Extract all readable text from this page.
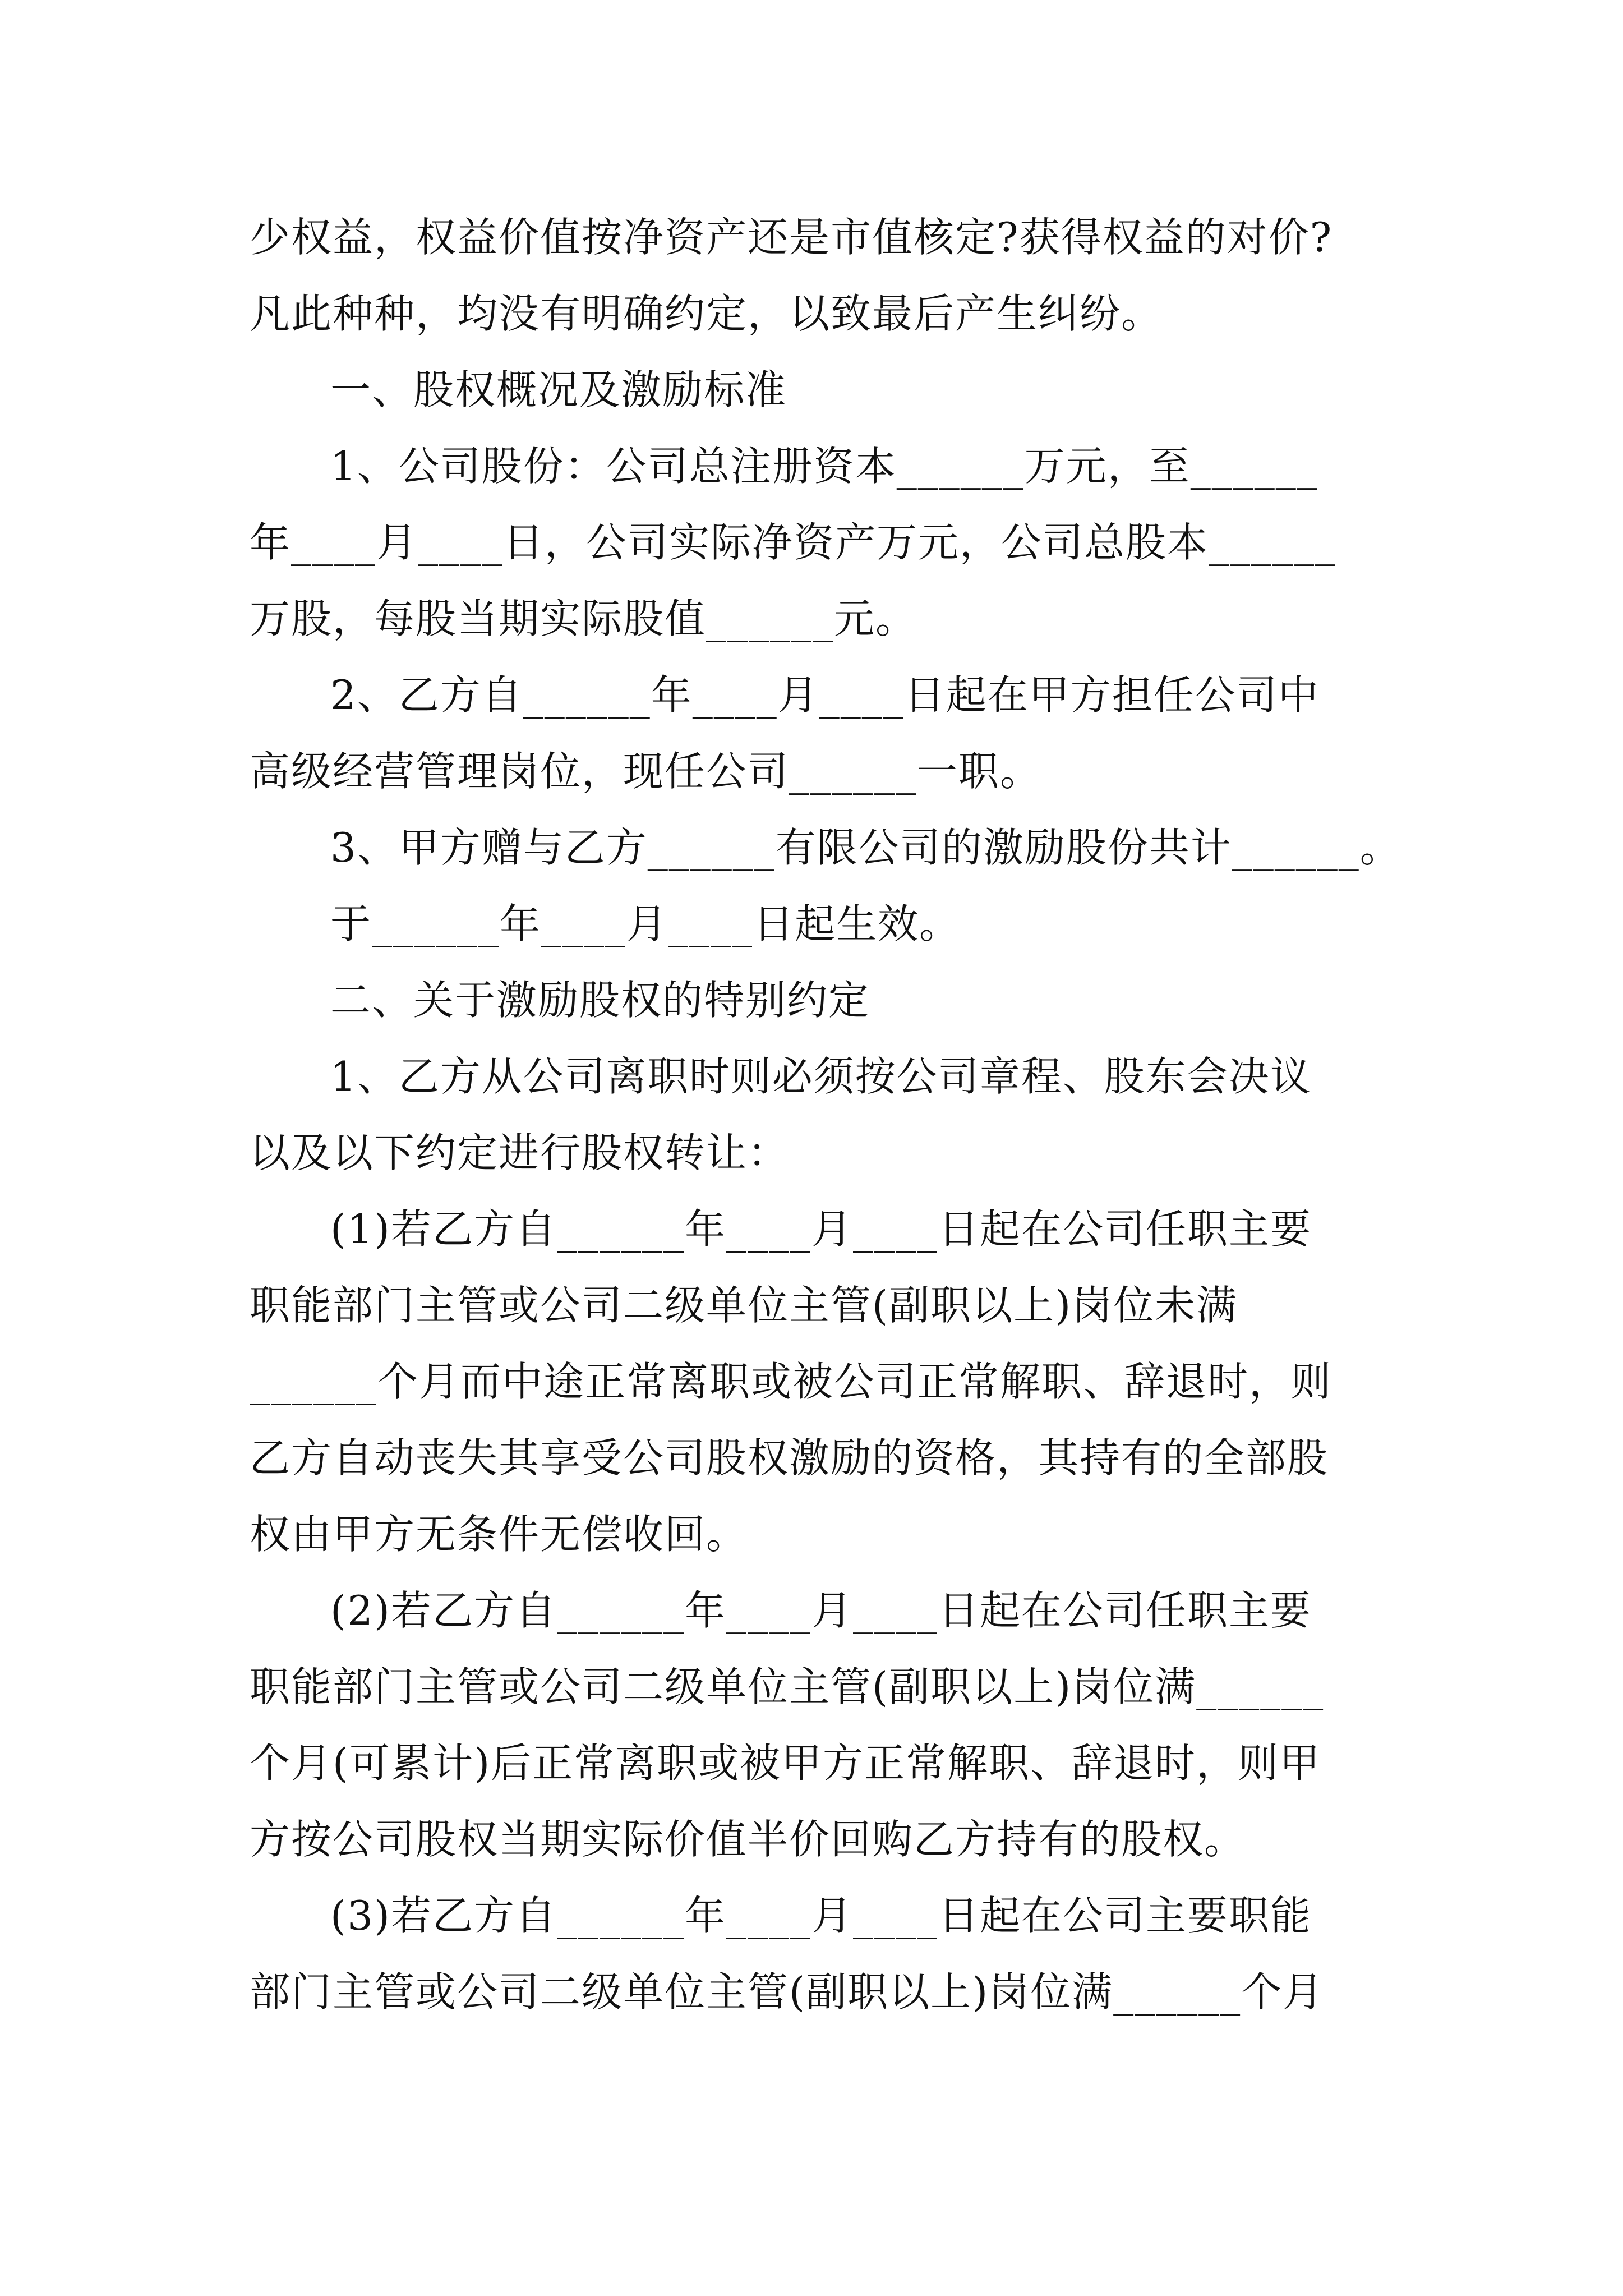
少权益，权益价值按净资产还是市值核定?获得权益的对价?
凡此种种，均没有明确约定，以致最后产生纠纷。
一、股权概况及激励标准
1、公司股份：公司总注册资本______万元，至______
年____月____日，公司实际净资产万元，公司总股本______
万股，每股当期实际股值______元。
2、乙方自______年____月____日起在甲方担任公司中
高级经营管理岗位，现任公司______一职。
3、甲方赠与乙方______有限公司的激励股份共计______。
于______年____月____日起生效。
二、关于激励股权的特别约定
1、乙方从公司离职时则必须按公司章程、股东会决议
以及以下约定进行股权转让：
(1)若乙方自______年____月____日起在公司任职主要
职能部门主管或公司二级单位主管(副职以上)岗位未满
______个月而中途正常离职或被公司正常解职、辞退时，则
乙方自动丧失其享受公司股权激励的资格，其持有的全部股
权由甲方无条件无偿收回。
(2)若乙方自______年____月____日起在公司任职主要
职能部门主管或公司二级单位主管(副职以上)岗位满______
个月(可累计)后正常离职或被甲方正常解职、辞退时，则甲
方按公司股权当期实际价值半价回购乙方持有的股权。
(3)若乙方自______年____月____日起在公司主要职能
部门主管或公司二级单位主管(副职以上)岗位满______个月
